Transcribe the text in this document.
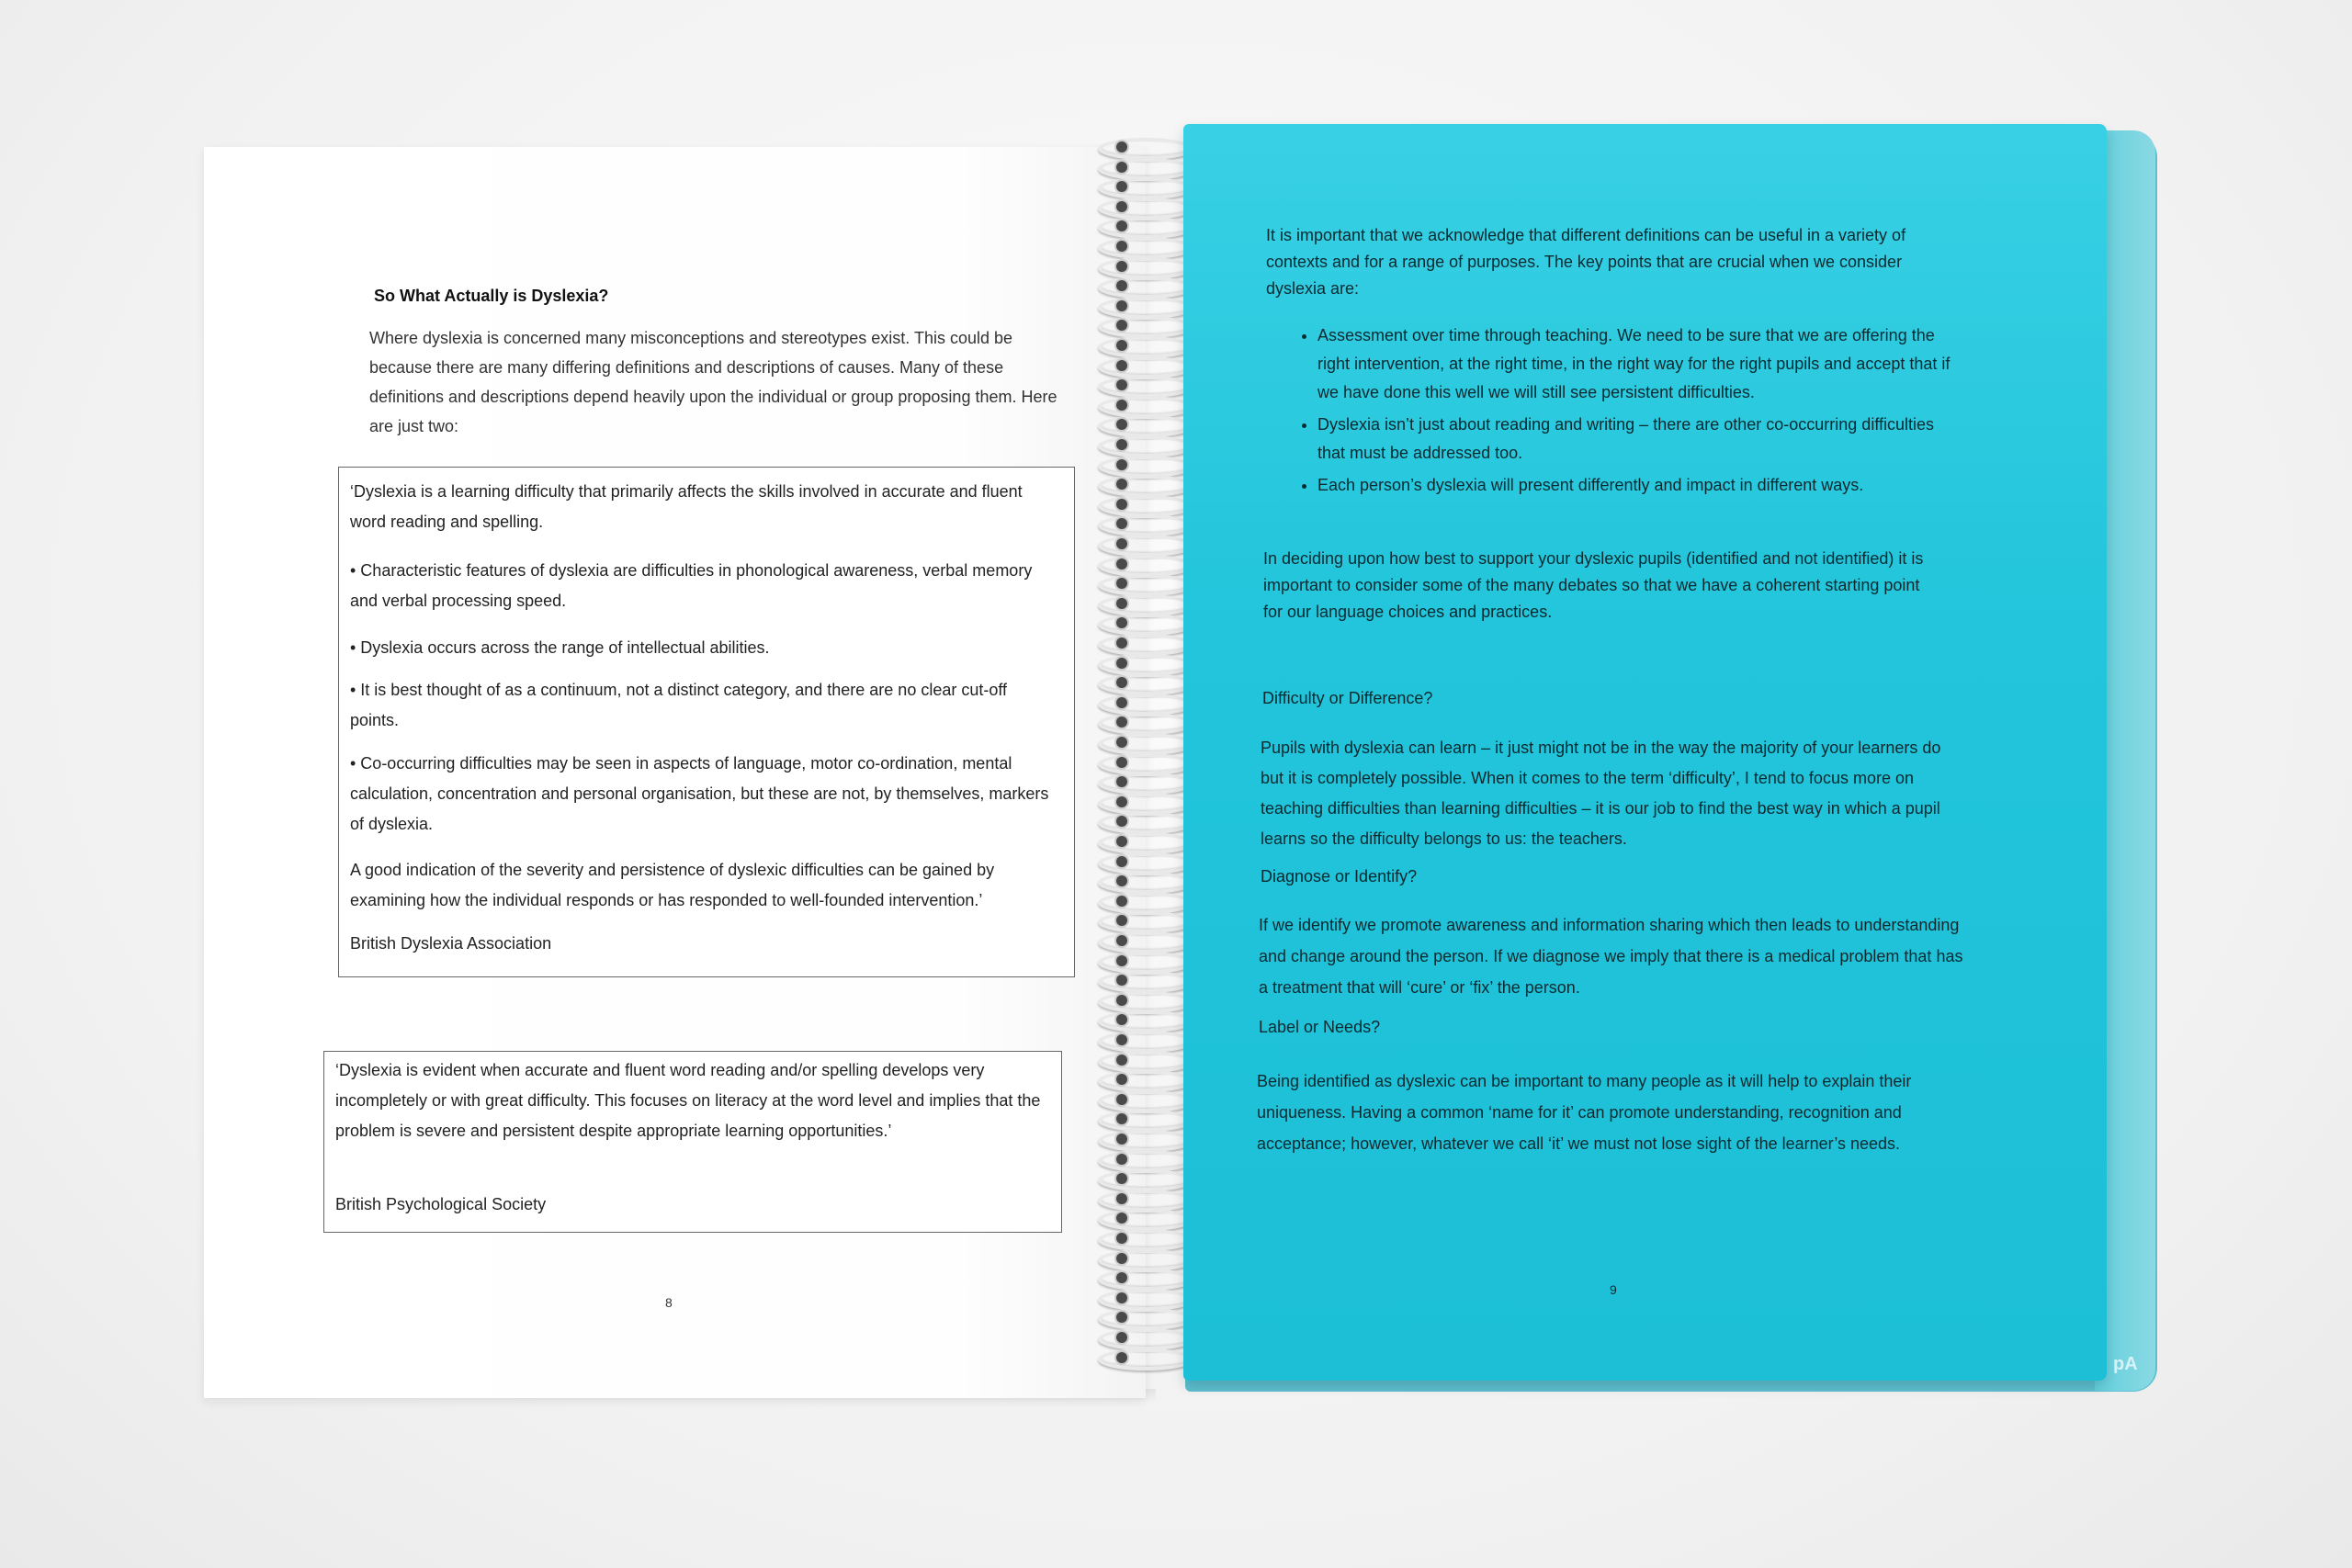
So What Actually is Dyslexia?

Where dyslexia is concerned many misconceptions and stereotypes exist. This could be because there are many differing definitions and descriptions of causes. Many of these definitions and descriptions depend heavily upon the individual or group proposing them. Here are just two:

‘Dyslexia is a learning difficulty that primarily affects the skills involved in accurate and fluent word reading and spelling.

• Characteristic features of dyslexia are difficulties in phonological awareness, verbal memory and verbal processing speed.

• Dyslexia occurs across the range of intellectual abilities.

• It is best thought of as a continuum, not a distinct category, and there are no clear cut-off points.

• Co-occurring difficulties may be seen in aspects of language, motor co-ordination, mental calculation, concentration and personal organisation, but these are not, by themselves, markers of dyslexia.

A good indication of the severity and persistence of dyslexic difficulties can be gained by examining how the individual responds or has responded to well-founded intervention.’

British Dyslexia Association

‘Dyslexia is evident when accurate and fluent word reading and/or spelling develops very incompletely or with great difficulty. This focuses on literacy at the word level and implies that the problem is severe and persistent despite appropriate learning opportunities.’

British Psychological Society
8
pA

It is important that we acknowledge that different definitions can be useful in a variety of contexts and for a range of purposes. The key points that are crucial when we consider dyslexia are:

• Assessment over time through teaching. We need to be sure that we are offering the right intervention, at the right time, in the right way for the right pupils and accept that if we have done this well we will still see persistent difficulties.
• Dyslexia isn’t just about reading and writing – there are other co-occurring difficulties that must be addressed too.
• Each person’s dyslexia will present differently and impact in different ways.

In deciding upon how best to support your dyslexic pupils (identified and not identified) it is important to consider some of the many debates so that we have a coherent starting point for our language choices and practices.

Difficulty or Difference?

Pupils with dyslexia can learn – it just might not be in the way the majority of your learners do but it is completely possible. When it comes to the term ‘difficulty’, I tend to focus more on teaching difficulties than learning difficulties – it is our job to find the best way in which a pupil learns so the difficulty belongs to us: the teachers.

Diagnose or Identify?

If we identify we promote awareness and information sharing which then leads to understanding and change around the person. If we diagnose we imply that there is a medical problem that has a treatment that will ‘cure’ or ‘fix’ the person.

Label or Needs?

Being identified as dyslexic can be important to many people as it will help to explain their uniqueness. Having a common ‘name for it’ can promote understanding, recognition and acceptance; however, whatever we call ‘it’ we must not lose sight of the learner’s needs.

9
